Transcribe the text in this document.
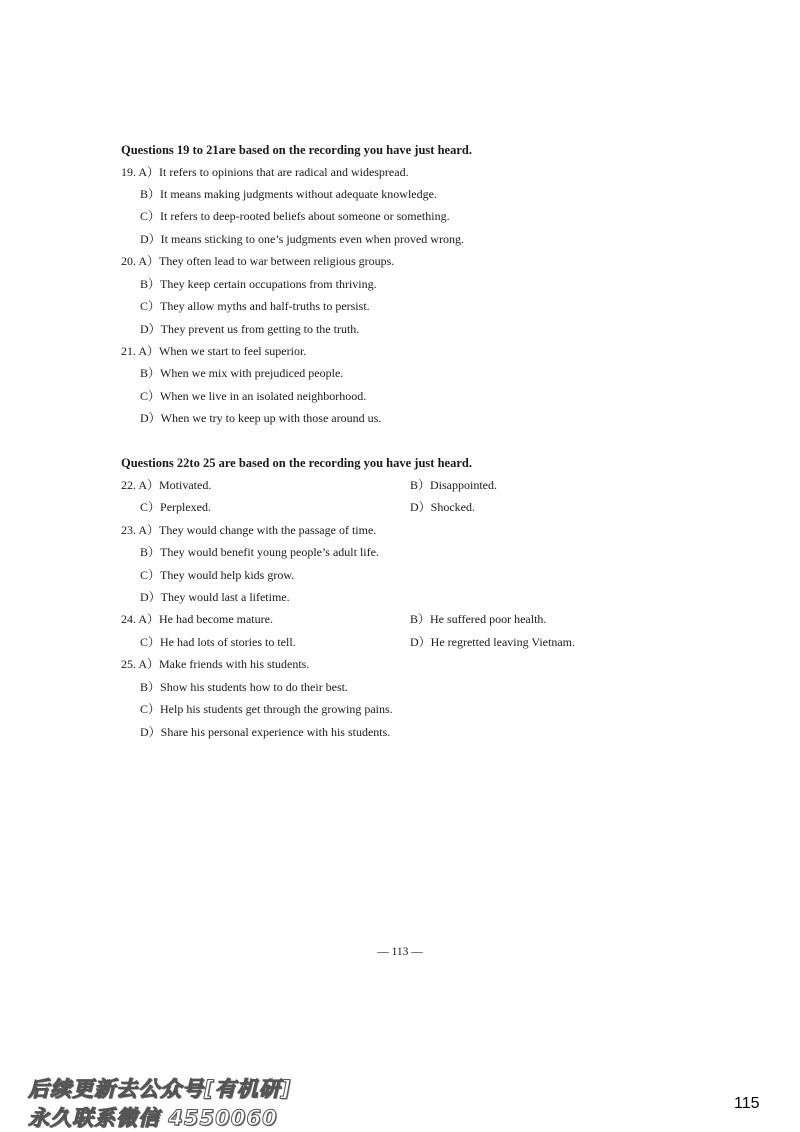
Questions 19 to 21are based on the recording you have just heard.
19. A）It refers to opinions that are radical and widespread.
B）It means making judgments without adequate knowledge.
C）It refers to deep-rooted beliefs about someone or something.
D）It means sticking to one’s judgments even when proved wrong.
20. A）They often lead to war between religious groups.
B）They keep certain occupations from thriving.
C）They allow myths and half-truths to persist.
D）They prevent us from getting to the truth.
21. A）When we start to feel superior.
B）When we mix with prejudiced people.
C）When we live in an isolated neighborhood.
D）When we try to keep up with those around us.
Questions 22to 25 are based on the recording you have just heard.
22. A）Motivated.	B）Disappointed.
C）Perplexed.	D）Shocked.
23. A）They would change with the passage of time.
B）They would benefit young people’s adult life.
C）They would help kids grow.
D）They would last a lifetime.
24. A）He had become mature.	B）He suffered poor health.
C）He had lots of stories to tell.	D）He regretted leaving Vietnam.
25. A）Make friends with his students.
B）Show his students how to do their best.
C）Help his students get through the growing pains.
D）Share his personal experience with his students.
— 113 —
后续更新去公众号[有机研]
永久联系微信 4550060
115
